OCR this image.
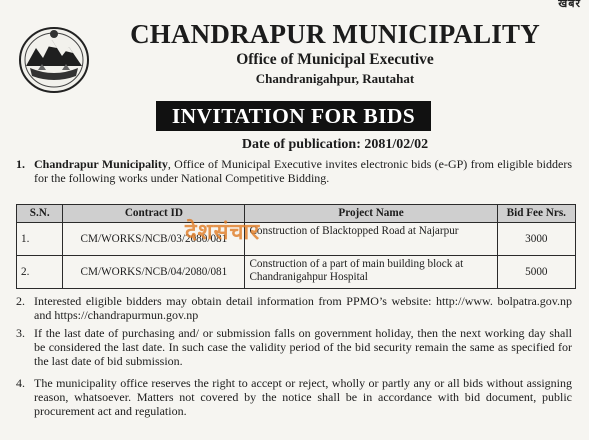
खबर
CHANDRAPUR MUNICIPALITY
Office of Municipal Executive
Chandranigahpur, Rautahat
INVITATION FOR BIDS
Date of publication: 2081/02/02
1. Chandrapur Municipality, Office of Municipal Executive invites electronic bids (e-GP) from eligible bidders for the following works under National Competitive Bidding.
S.N.	Contract ID	Project Name	Bid Fee Nrs.
1.	CM/WORKS/NCB/03/2080/081	Construction of Blacktopped Road at Najarpur	3000
2.	CM/WORKS/NCB/04/2080/081	Construction of a part of main building block at Chandranigahpur Hospital	5000
देशसंचार
2. Interested eligible bidders may obtain detail information from PPMO’s website: http://www. bolpatra.gov.np and https://chandrapurmun.gov.np
3. If the last date of purchasing and/ or submission falls on government holiday, then the next working day shall be considered the last date. In such case the validity period of the bid security remain the same as specified for the last date of bid submission.
4. The municipality office reserves the right to accept or reject, wholly or partly any or all bids without assigning reason, whatsoever. Matters not covered by the notice shall be in accordance with bid document, public procurement act and regulation.
